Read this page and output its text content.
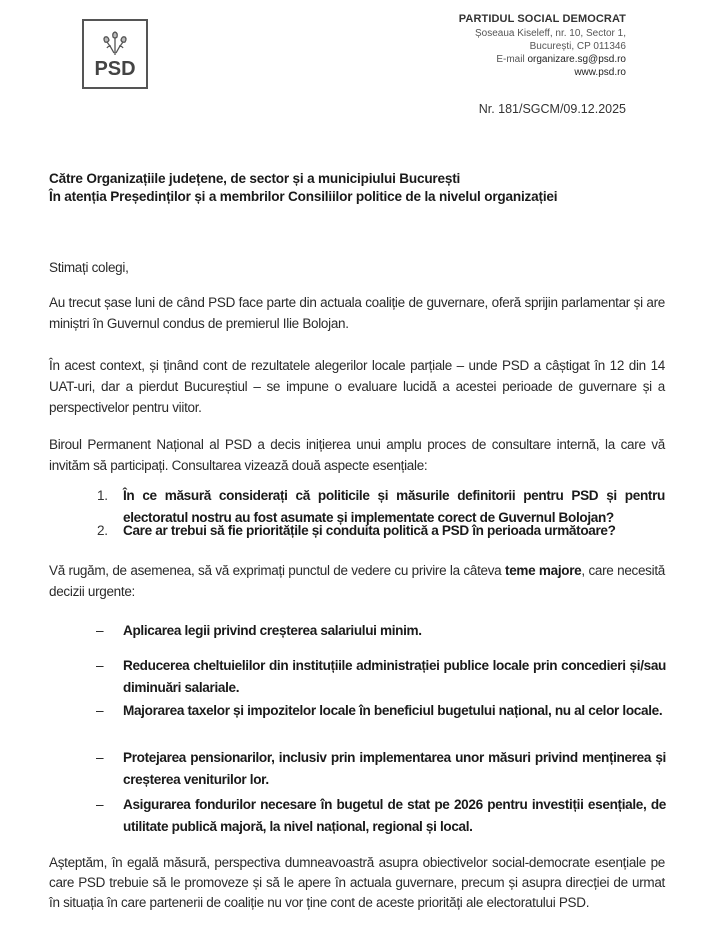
PSD
PARTIDUL SOCIAL DEMOCRAT
Șoseaua Kiseleff, nr. 10, Sector 1,
București, CP 011346
E-mail organizare.sg@psd.ro
www.psd.ro
Nr. 181/SGCM/09.12.2025
Către Organizațiile județene, de sector și a municipiului București
În atenția Președinților și a membrilor Consiliilor politice de la nivelul organizației

Stimați colegi,

Au trecut șase luni de când PSD face parte din actuala coaliție de guvernare, oferă sprijin parlamentar și are miniștri în Guvernul condus de premierul Ilie Bolojan.

În acest context, și ținând cont de rezultatele alegerilor locale parțiale – unde PSD a câștigat în 12 din 14 UAT-uri, dar a pierdut Bucureștiul – se impune o evaluare lucidă a acestei perioade de guvernare și a perspectivelor pentru viitor.

Biroul Permanent Național al PSD a decis inițierea unui amplu proces de consultare internă, la care vă invităm să participați. Consultarea vizează două aspecte esențiale:

1.	În ce măsură considerați că politicile și măsurile definitorii pentru PSD și pentru electoratul nostru au fost asumate și implementate corect de Guvernul Bolojan?
2.	Care ar trebui să fie prioritățile și conduita politică a PSD în perioada următoare?

Vă rugăm, de asemenea, să vă exprimați punctul de vedere cu privire la câteva teme majore, care necesită decizii urgente:

–	Aplicarea legii privind creșterea salariului minim.
–	Reducerea cheltuielilor din instituțiile administrației publice locale prin concedieri și/sau diminuări salariale.
–	Majorarea taxelor și impozitelor locale în beneficiul bugetului național, nu al celor locale.
–	Protejarea pensionarilor, inclusiv prin implementarea unor măsuri privind menținerea și creșterea veniturilor lor.
–	Asigurarea fondurilor necesare în bugetul de stat pe 2026 pentru investiții esențiale, de utilitate publică majoră, la nivel național, regional și local.

Așteptăm, în egală măsură, perspectiva dumneavoastră asupra obiectivelor social-democrate esențiale pe care PSD trebuie să le promoveze și să le apere în actuala guvernare, precum și asupra direcției de urmat în situația în care partenerii de coaliție nu vor ține cont de aceste priorități ale electoratului PSD.
